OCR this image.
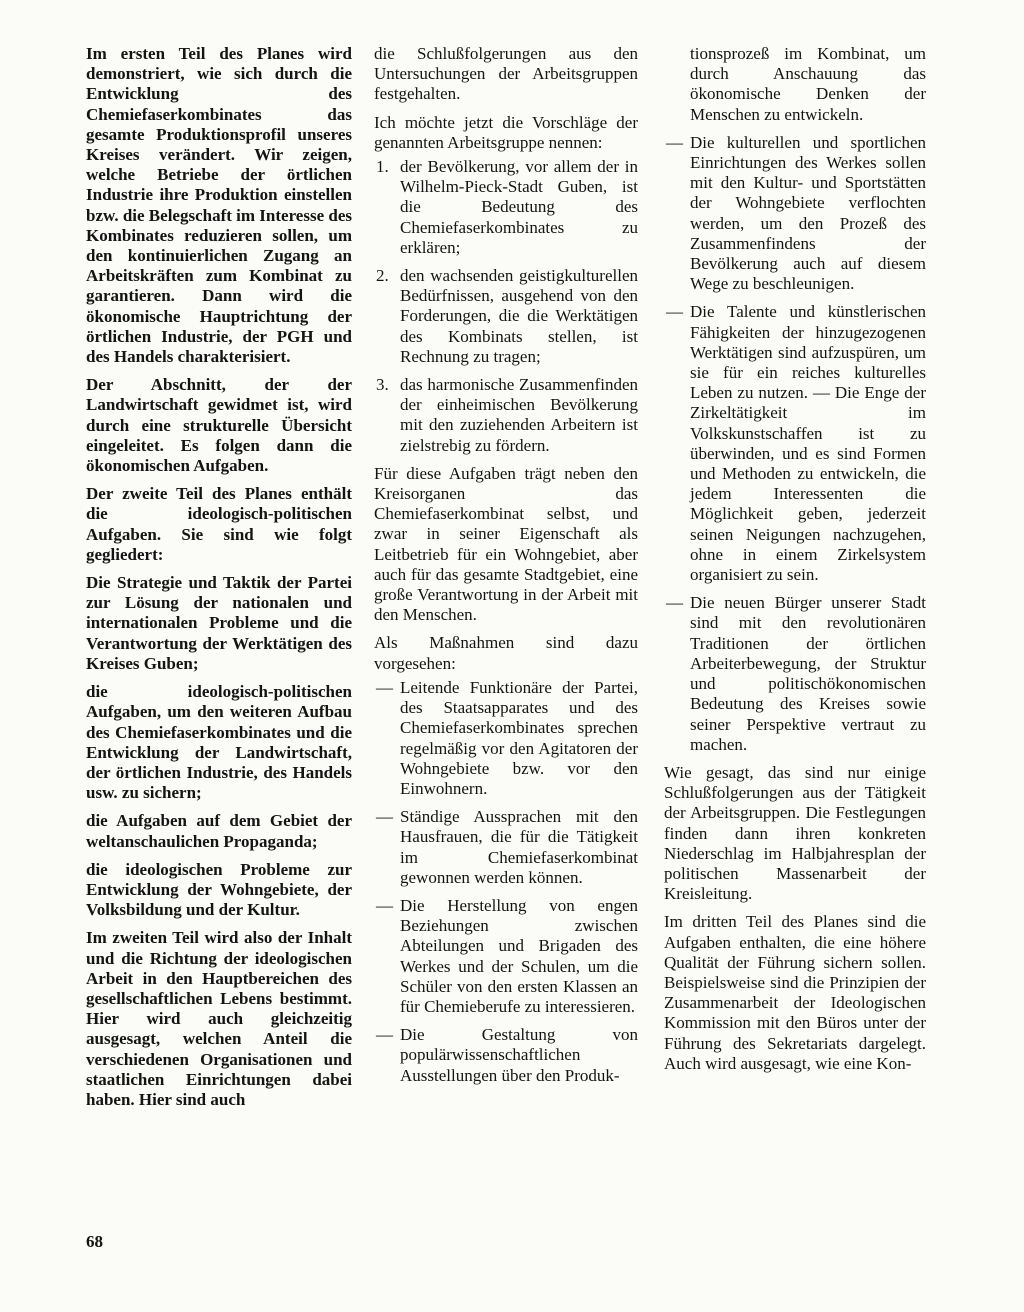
Im ersten Teil des Planes wird demonstriert, wie sich durch die Entwicklung des Chemiefaserkombinates das gesamte Produktionsprofil unseres Kreises verändert. Wir zeigen, welche Betriebe der örtlichen Industrie ihre Produktion einstellen bzw. die Belegschaft im Interesse des Kombinates reduzieren sollen, um den kontinuierlichen Zugang an Arbeitskräften zum Kombinat zu garantieren. Dann wird die ökonomische Hauptrichtung der örtlichen Industrie, der PGH und des Handels charakterisiert.

Der Abschnitt, der der Landwirtschaft gewidmet ist, wird durch eine strukturelle Übersicht eingeleitet. Es folgen dann die ökonomischen Aufgaben.

Der zweite Teil des Planes enthält die ideologisch-politischen Aufgaben. Sie sind wie folgt gegliedert:

Die Strategie und Taktik der Partei zur Lösung der nationalen und internationalen Probleme und die Verantwortung der Werktätigen des Kreises Guben;

die ideologisch-politischen Aufgaben, um den weiteren Aufbau des Chemiefaserkombinates und die Entwicklung der Landwirtschaft, der örtlichen Industrie, des Handels usw. zu sichern;

die Aufgaben auf dem Gebiet der weltanschaulichen Propaganda;

die ideologischen Probleme zur Entwicklung der Wohngebiete, der Volksbildung und der Kultur.

Im zweiten Teil wird also der Inhalt und die Richtung der ideologischen Arbeit in den Hauptbereichen des gesellschaftlichen Lebens bestimmt. Hier wird auch gleichzeitig ausgesagt, welchen Anteil die verschiedenen Organisationen und staatlichen Einrichtungen dabei haben. Hier sind auch

die Schlußfolgerungen aus den Untersuchungen der Arbeitsgruppen festgehalten.

Ich möchte jetzt die Vorschläge der genannten Arbeitsgruppe nennen:

1. der Bevölkerung, vor allem der in Wilhelm-Pieck-Stadt Guben, ist die Bedeutung des Chemiefaserkombinates zu erklären;
2. den wachsenden geistigkulturellen Bedürfnissen, ausgehend von den Forderungen, die die Werktätigen des Kombinats stellen, ist Rechnung zu tragen;
3. das harmonische Zusammenfinden der einheimischen Bevölkerung mit den zuziehenden Arbeitern ist zielstrebig zu fördern.

Für diese Aufgaben trägt neben den Kreisorganen das Chemiefaserkombinat selbst, und zwar in seiner Eigenschaft als Leitbetrieb für ein Wohngebiet, aber auch für das gesamte Stadtgebiet, eine große Verantwortung in der Arbeit mit den Menschen.

Als Maßnahmen sind dazu vorgesehen:

— Leitende Funktionäre der Partei, des Staatsapparates und des Chemiefaserkombinates sprechen regelmäßig vor den Agitatoren der Wohngebiete bzw. vor den Einwohnern.
— Ständige Aussprachen mit den Hausfrauen, die für die Tätigkeit im Chemiefaserkombinat gewonnen werden können.
— Die Herstellung von engen Beziehungen zwischen Abteilungen und Brigaden des Werkes und der Schulen, um die Schüler von den ersten Klassen an für Chemieberufe zu interessieren.
— Die Gestaltung von populärwissenschaftlichen Ausstellungen über den Produk-

tionsprozeß im Kombinat, um durch Anschauung das ökonomische Denken der Menschen zu entwickeln.

— Die kulturellen und sportlichen Einrichtungen des Werkes sollen mit den Kultur- und Sportstätten der Wohngebiete verflochten werden, um den Prozeß des Zusammenfindens der Bevölkerung auch auf diesem Wege zu beschleunigen.
— Die Talente und künstlerischen Fähigkeiten der hinzugezogenen Werktätigen sind aufzuspüren, um sie für ein reiches kulturelles Leben zu nutzen. — Die Enge der Zirkeltätigkeit im Volkskunstschaffen ist zu überwinden, und es sind Formen und Methoden zu entwickeln, die jedem Interessenten die Möglichkeit geben, jederzeit seinen Neigungen nachzugehen, ohne in einem Zirkelsystem organisiert zu sein.
— Die neuen Bürger unserer Stadt sind mit den revolutionären Traditionen der örtlichen Arbeiterbewegung, der Struktur und politischökonomischen Bedeutung des Kreises sowie seiner Perspektive vertraut zu machen.

Wie gesagt, das sind nur einige Schlußfolgerungen aus der Tätigkeit der Arbeitsgruppen. Die Festlegungen finden dann ihren konkreten Niederschlag im Halbjahresplan der politischen Massenarbeit der Kreisleitung.

Im dritten Teil des Planes sind die Aufgaben enthalten, die eine höhere Qualität der Führung sichern sollen. Beispielsweise sind die Prinzipien der Zusammenarbeit der Ideologischen Kommission mit den Büros unter der Führung des Sekretariats dargelegt. Auch wird ausgesagt, wie eine Kon-

68
